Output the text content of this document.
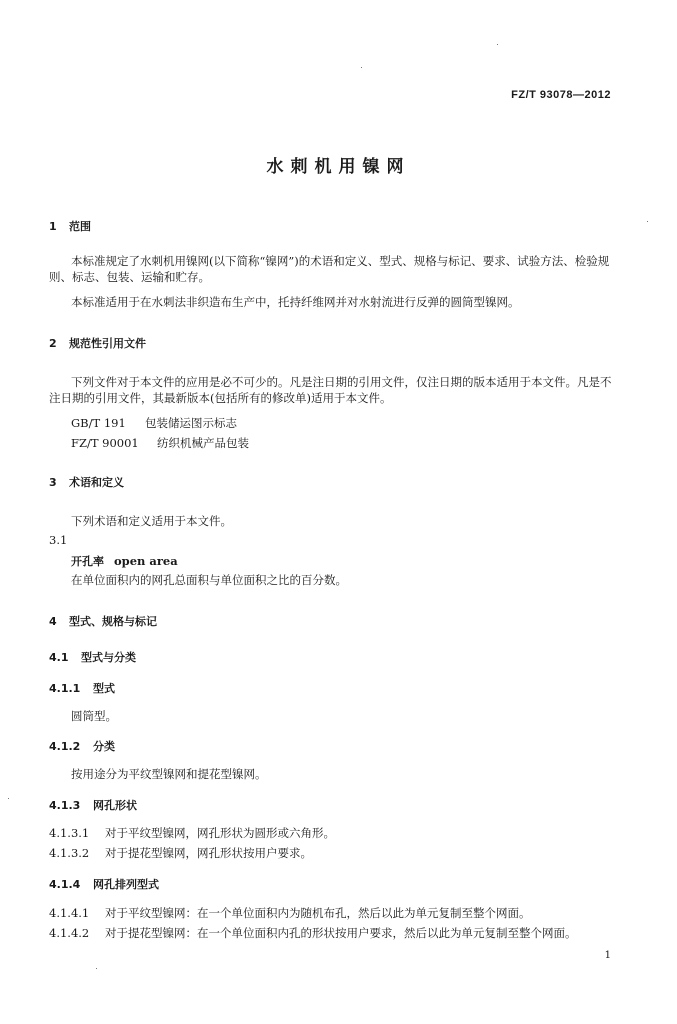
FZ/T 93078—2012
水刺机用镍网
1 范围
本标准规定了水刺机用镍网(以下简称“镍网”)的术语和定义、型式、规格与标记、要求、试验方法、检验规则、标志、包装、运输和贮存。
本标准适用于在水刺法非织造布生产中，托持纤维网并对水射流进行反弹的圆筒型镍网。
2 规范性引用文件
下列文件对于本文件的应用是必不可少的。凡是注日期的引用文件，仅注日期的版本适用于本文件。凡是不注日期的引用文件，其最新版本(包括所有的修改单)适用于本文件。
GB/T 191 包装储运图示标志
FZ/T 90001 纺织机械产品包装
3 术语和定义
下列术语和定义适用于本文件。
3.1
开孔率 open area
在单位面积内的网孔总面积与单位面积之比的百分数。
4 型式、规格与标记
4.1 型式与分类
4.1.1 型式
圆筒型。
4.1.2 分类
按用途分为平纹型镍网和提花型镍网。
4.1.3 网孔形状
4.1.3.1 对于平纹型镍网，网孔形状为圆形或六角形。
4.1.3.2 对于提花型镍网，网孔形状按用户要求。
4.1.4 网孔排列型式
4.1.4.1 对于平纹型镍网：在一个单位面积内为随机布孔，然后以此为单元复制至整个网面。
4.1.4.2 对于提花型镍网：在一个单位面积内孔的形状按用户要求，然后以此为单元复制至整个网面。
1
